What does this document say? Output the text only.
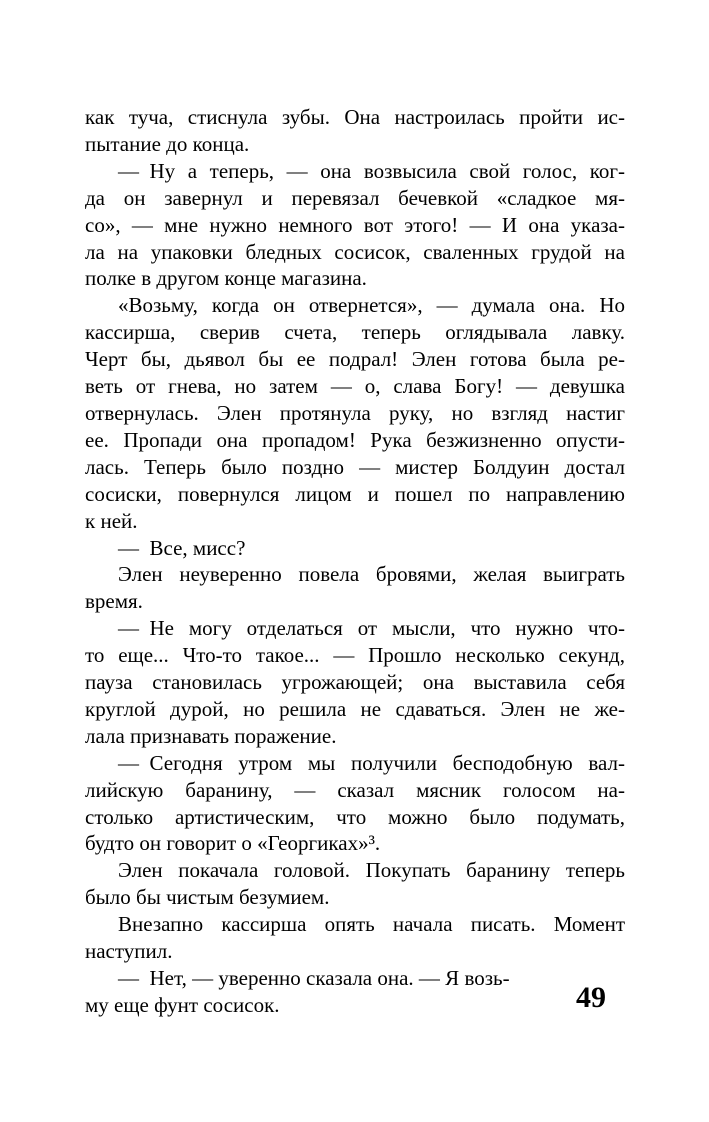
как туча, стиснула зубы. Она настроилась пройти ис-
пытание до конца.
— Ну а теперь, — она возвысила свой голос, ког-
да он завернул и перевязал бечевкой «сладкое мя-
со», — мне нужно немного вот этого! — И она указа-
ла на упаковки бледных сосисок, сваленных грудой на
полке в другом конце магазина.
«Возьму, когда он отвернется», — думала она. Но
кассирша, сверив счета, теперь оглядывала лавку.
Черт бы, дьявол бы ее подрал! Элен готова была ре-
веть от гнева, но затем — о, слава Богу! — девушка
отвернулась. Элен протянула руку, но взгляд настиг
ее. Пропади она пропадом! Рука безжизненно опусти-
лась. Теперь было поздно — мистер Болдуин достал
сосиски, повернулся лицом и пошел по направлению
к ней.
— Все, мисс?
Элен неуверенно повела бровями, желая выиграть
время.
— Не могу отделаться от мысли, что нужно что-
то еще... Что-то такое... — Прошло несколько секунд,
пауза становилась угрожающей; она выставила себя
круглой дурой, но решила не сдаваться. Элен не же-
лала признавать поражение.
— Сегодня утром мы получили бесподобную вал-
лийскую баранину, — сказал мясник голосом на-
столько артистическим, что можно было подумать,
будто он говорит о «Георгиках»³.
Элен покачала головой. Покупать баранину теперь
было бы чистым безумием.
Внезапно кассирша опять начала писать. Момент
наступил.
— Нет, — уверенно сказала она. — Я возь-
му еще фунт сосисок.	49
